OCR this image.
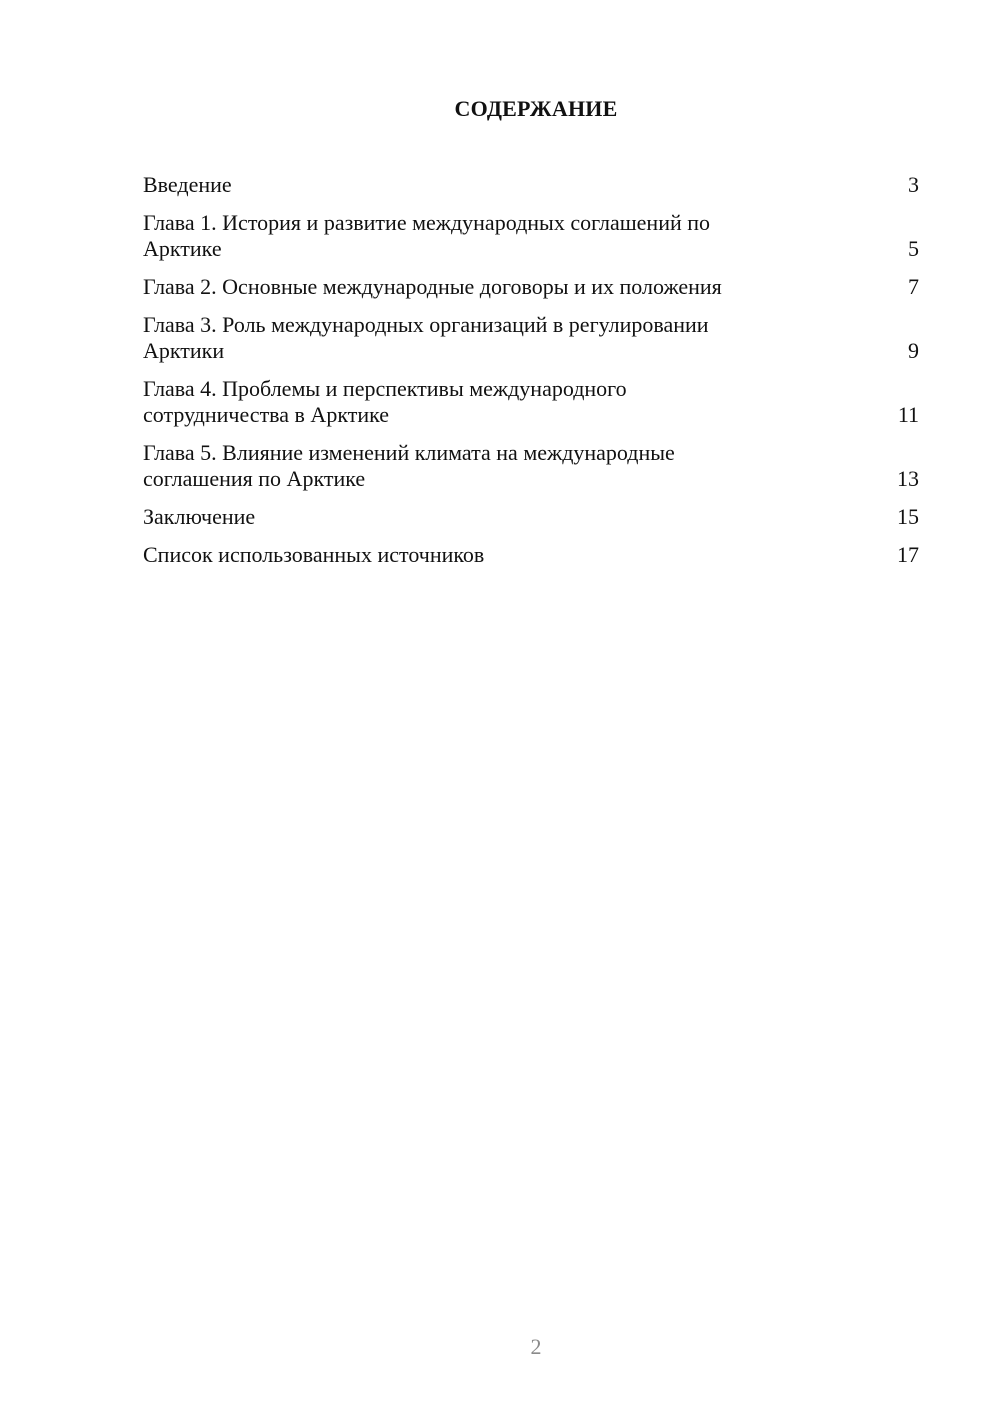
СОДЕРЖАНИЕ
Введение	3
Глава 1. История и развитие международных соглашений по
Арктике	5
Глава 2. Основные международные договоры и их положения	7
Глава 3. Роль международных организаций в регулировании
Арктики	9
Глава 4. Проблемы и перспективы международного
сотрудничества в Арктике	11
Глава 5. Влияние изменений климата на международные
соглашения по Арктике	13
Заключение	15
Список использованных источников	17
2
